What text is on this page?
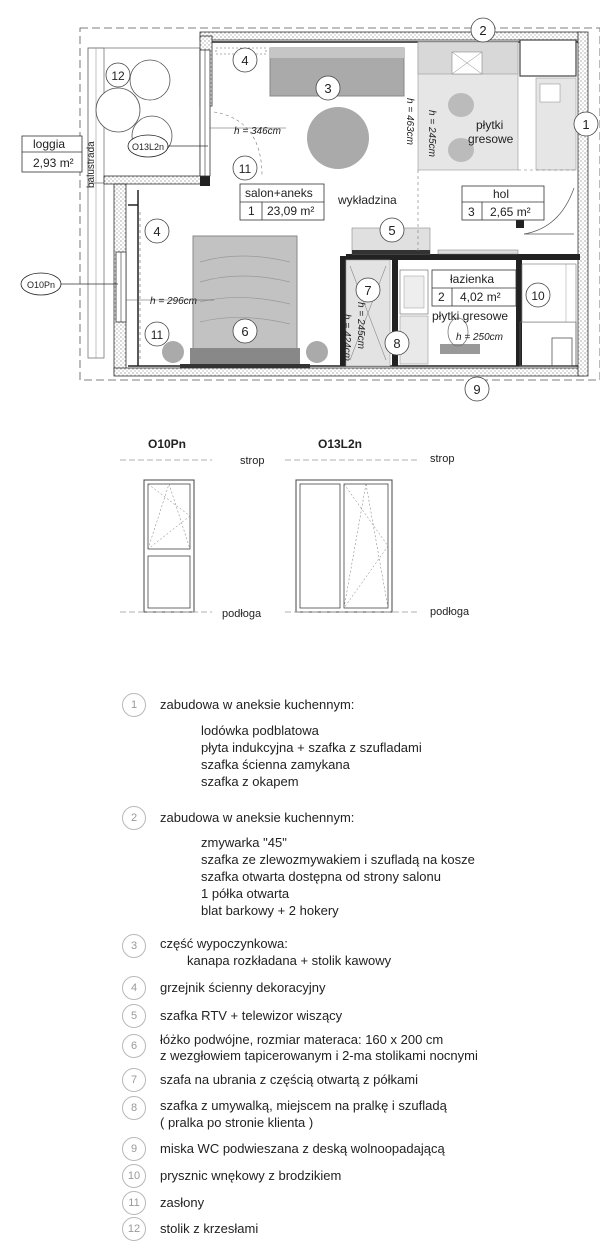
balustrada
loggia
2,93 m²
salon+aneks
1 23,09 m²
hol
3 2,65 m²
łazienka
2 4,02 m²
wykładzina
płytki
gresowe
płytki gresowe
h = 346cm
h = 296cm
h = 245cm
h = 463cm
h = 245cm
h = 424cm	h = 250cm
O13L2n
O10Pn
1
2
3
4
4	5
6
7
8
9
10
11
11
12
O10Pn
strop
podłoga
O13L2n
strop
podłoga
1	zabudowa w aneksie kuchennym:
lodówka podblatowa
płyta indukcyjna + szafka z szufladami
szafka ścienna zamykana
szafka z okapem
2	zabudowa w aneksie kuchennym:
zmywarka "45"
szafka ze zlewozmywakiem i szufladą na kosze
szafka otwarta dostępna od strony salonu
1 półka otwarta
blat barkowy + 2 hokery
3	część wypoczynkowa:
kanapa rozkładana + stolik kawowy
4	grzejnik ścienny dekoracyjny
5	szafka RTV + telewizor wiszący
6	łóżko podwójne, rozmiar materaca: 160 x 200 cm
z wezgłowiem tapicerowanym i 2-ma stolikami nocnymi
7	szafa na ubrania z częścią otwartą z półkami
8	szafka z umywalką, miejscem na pralkę i szufladą
( pralka po stronie klienta )
9	miska WC podwieszana z deską wolnoopadającą
10	prysznic wnękowy z brodzikiem
11	zasłony
12	stolik z krzesłami
